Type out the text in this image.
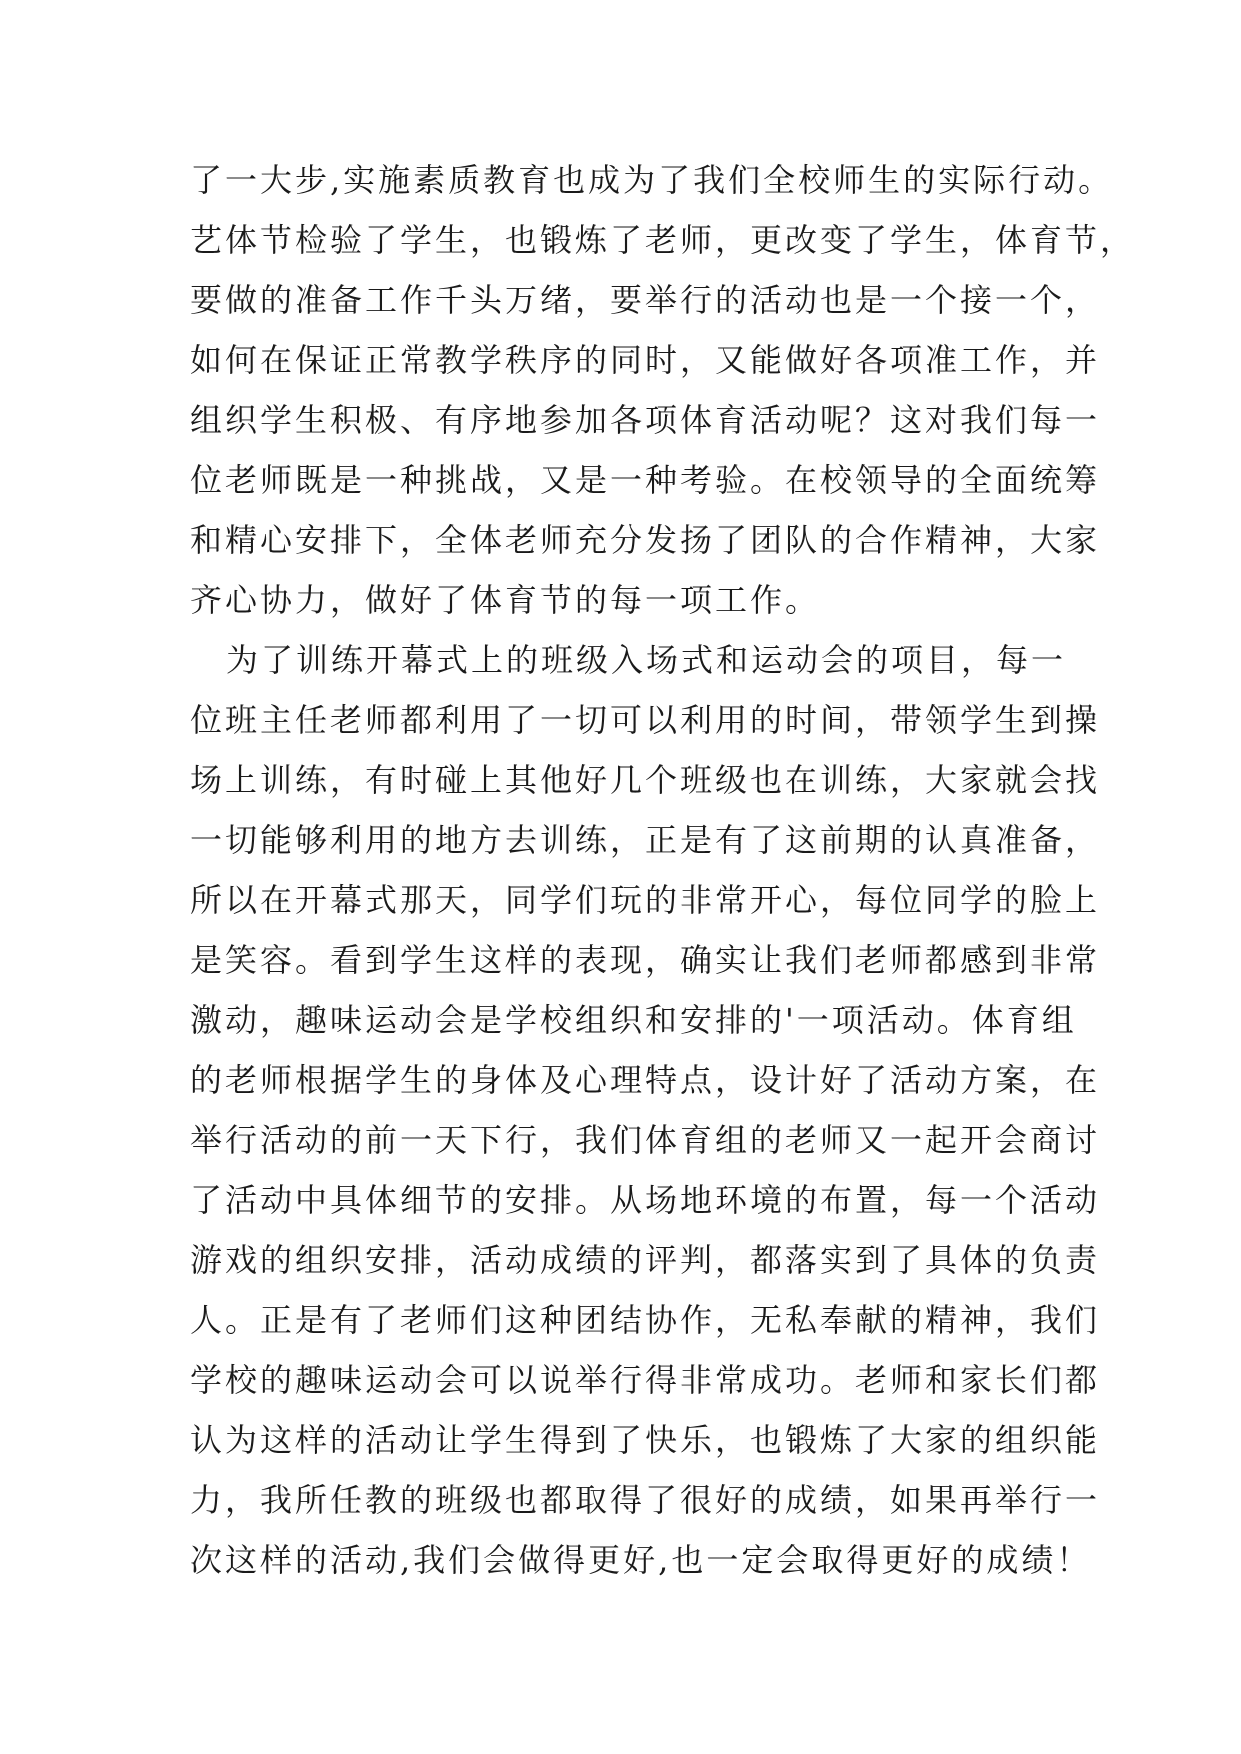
了一大步,实施素质教育也成为了我们全校师生的实际行动。
艺体节检验了学生，也锻炼了老师，更改变了学生，体育节，
要做的准备工作千头万绪，要举行的活动也是一个接一个，
如何在保证正常教学秩序的同时，又能做好各项准工作，并
组织学生积极、有序地参加各项体育活动呢？这对我们每一
位老师既是一种挑战，又是一种考验。在校领导的全面统筹
和精心安排下，全体老师充分发扬了团队的合作精神，大家
齐心协力，做好了体育节的每一项工作。
为了训练开幕式上的班级入场式和运动会的项目，每一
位班主任老师都利用了一切可以利用的时间，带领学生到操
场上训练，有时碰上其他好几个班级也在训练，大家就会找
一切能够利用的地方去训练，正是有了这前期的认真准备，
所以在开幕式那天，同学们玩的非常开心，每位同学的脸上
是笑容。看到学生这样的表现，确实让我们老师都感到非常
激动，趣味运动会是学校组织和安排的'一项活动。体育组
的老师根据学生的身体及心理特点，设计好了活动方案，在
举行活动的前一天下行，我们体育组的老师又一起开会商讨
了活动中具体细节的安排。从场地环境的布置，每一个活动
游戏的组织安排，活动成绩的评判，都落实到了具体的负责
人。正是有了老师们这种团结协作，无私奉献的精神，我们
学校的趣味运动会可以说举行得非常成功。老师和家长们都
认为这样的活动让学生得到了快乐，也锻炼了大家的组织能
力，我所任教的班级也都取得了很好的成绩，如果再举行一
次这样的活动,我们会做得更好,也一定会取得更好的成绩！
